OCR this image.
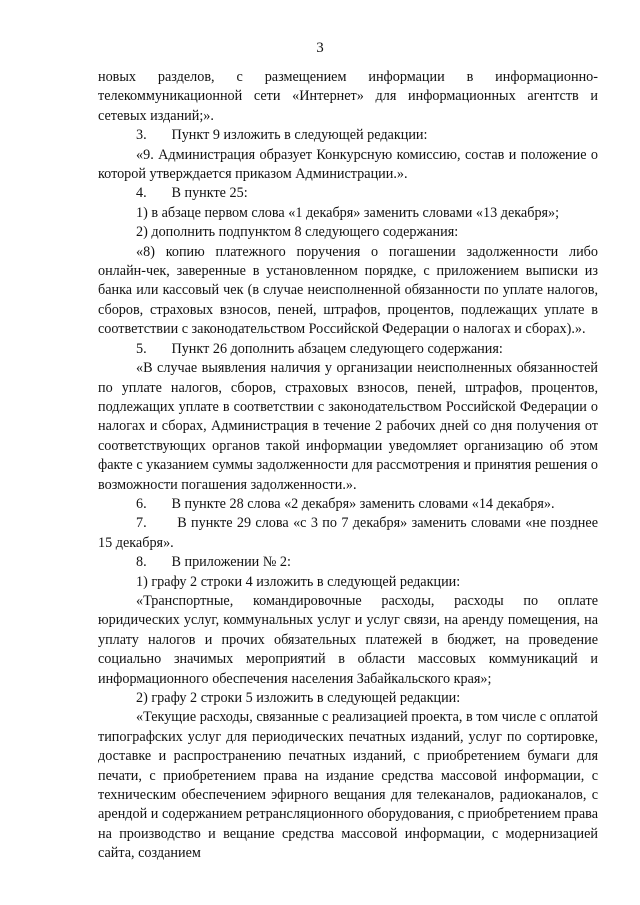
3

новых разделов, с размещением информации в информационно-телекоммуникационной сети «Интернет» для информационных агентств и сетевых изданий;».

3.       Пункт 9 изложить в следующей редакции:

«9. Администрация образует Конкурсную комиссию, состав и положение о которой утверждается приказом Администрации.».

4.       В пункте 25:

1) в абзаце первом слова «1 декабря» заменить словами «13 декабря»;

2) дополнить подпунктом 8 следующего содержания:

«8) копию платежного поручения о погашении задолженности либо онлайн-чек, заверенные в установленном порядке, с приложением выписки из банка или кассовый чек (в случае неисполненной обязанности по уплате налогов, сборов, страховых взносов, пеней, штрафов, процентов, подлежащих уплате в соответствии с законодательством Российской Федерации о налогах и сборах).».

5.       Пункт 26 дополнить абзацем следующего содержания:

«В случае выявления наличия у организации неисполненных обязанностей по уплате налогов, сборов, страховых взносов, пеней, штрафов, процентов, подлежащих уплате в соответствии с законодательством Российской Федерации о налогах и сборах, Администрация в течение 2 рабочих дней со дня получения от соответствующих органов такой информации уведомляет организацию об этом факте с указанием суммы задолженности для рассмотрения и принятия решения о возможности погашения задолженности.».

6.       В пункте 28 слова «2 декабря» заменить словами «14 декабря».

7.       В пункте 29 слова «с 3 по 7 декабря» заменить словами «не позднее 15 декабря».

8.       В приложении № 2:

1) графу 2 строки 4 изложить в следующей редакции:

«Транспортные, командировочные расходы, расходы по оплате юридических услуг, коммунальных услуг и услуг связи, на аренду помещения, на уплату налогов и прочих обязательных платежей в бюджет, на проведение социально значимых мероприятий в области массовых коммуникаций и информационного обеспечения населения Забайкальского края»;

2) графу 2 строки 5 изложить в следующей редакции:

«Текущие расходы, связанные с реализацией проекта, в том числе с оплатой типографских услуг для периодических печатных изданий, услуг по сортировке, доставке и распространению печатных изданий, с приобретением бумаги для печати, с приобретением права на издание средства массовой информации, с техническим обеспечением эфирного вещания для телеканалов, радиоканалов, с арендой и содержанием ретрансляционного оборудования, с приобретением права на производство и вещание средства массовой информации, с модернизацией сайта, созданием
